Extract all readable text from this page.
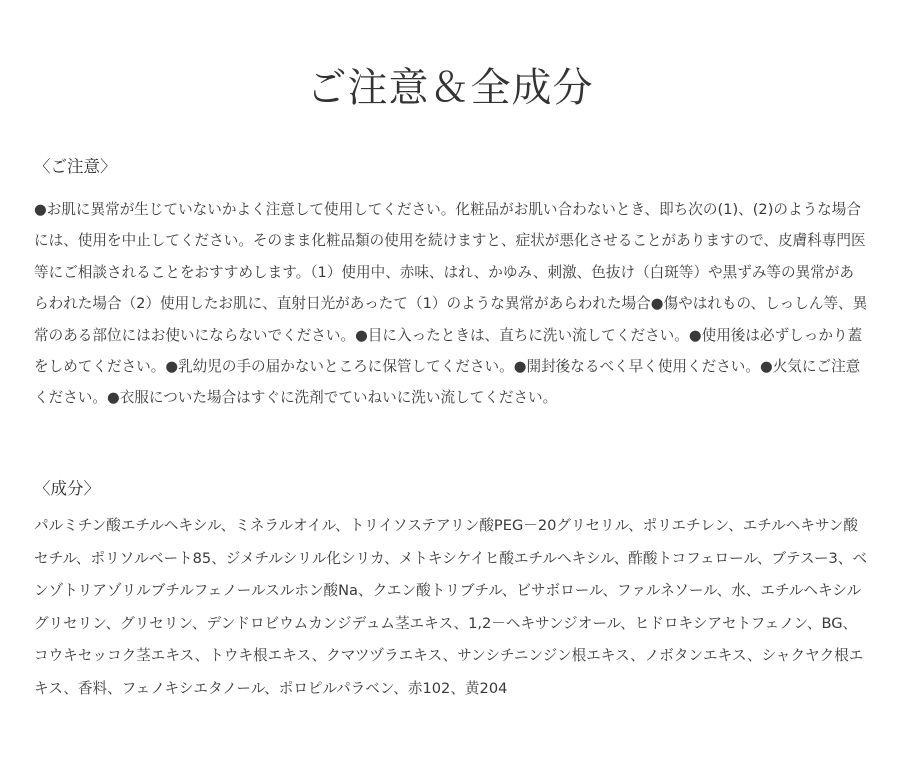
ご注意＆全成分
〈ご注意〉

●お肌に異常が生じていないかよく注意して使用してください。化粧品がお肌い合わないとき、即ち次の(1)、(2)のような場合には、使用を中止してください。そのまま化粧品類の使用を続けますと、症状が悪化させることがありますので、皮膚科専門医等にご相談されることをおすすめします。（1）使用中、赤味、はれ、かゆみ、刺激、色抜け（白斑等）や黒ずみ等の異常があらわれた場合（2）使用したお肌に、直射日光があったて（1）のような異常があらわれた場合●傷やはれもの、しっしん等、異常のある部位にはお使いにならないでください。●目に入ったときは、直ちに洗い流してください。●使用後は必ずしっかり蓋をしめてください。●乳幼児の手の届かないところに保管してください。●開封後なるべく早く使用ください。●火気にご注意ください。●衣服についた場合はすぐに洗剤でていねいに洗い流してください。

〈成分〉

パルミチン酸エチルヘキシル、ミネラルオイル、トリイソステアリン酸PEG－20グリセリル、ポリエチレン、エチルヘキサン酸セチル、ポリソルベート85、ジメチルシリル化シリカ、メトキシケイヒ酸エチルヘキシル、酢酸トコフェロール、ブテスー3、ベンゾトリアゾリルブチルフェノールスルホン酸Na、クエン酸トリブチル、ビサボロール、ファルネソール、水、エチルヘキシルグリセリン、グリセリン、デンドロビウムカンジデュム茎エキス、1,2－ヘキサンジオール、ヒドロキシアセトフェノン、BG、コウキセッコク茎エキス、トウキ根エキス、クマツヅラエキス、サンシチニンジン根エキス、ノボタンエキス、シャクヤク根エキス、香料、フェノキシエタノール、ポロピルパラベン、赤102、黄204
